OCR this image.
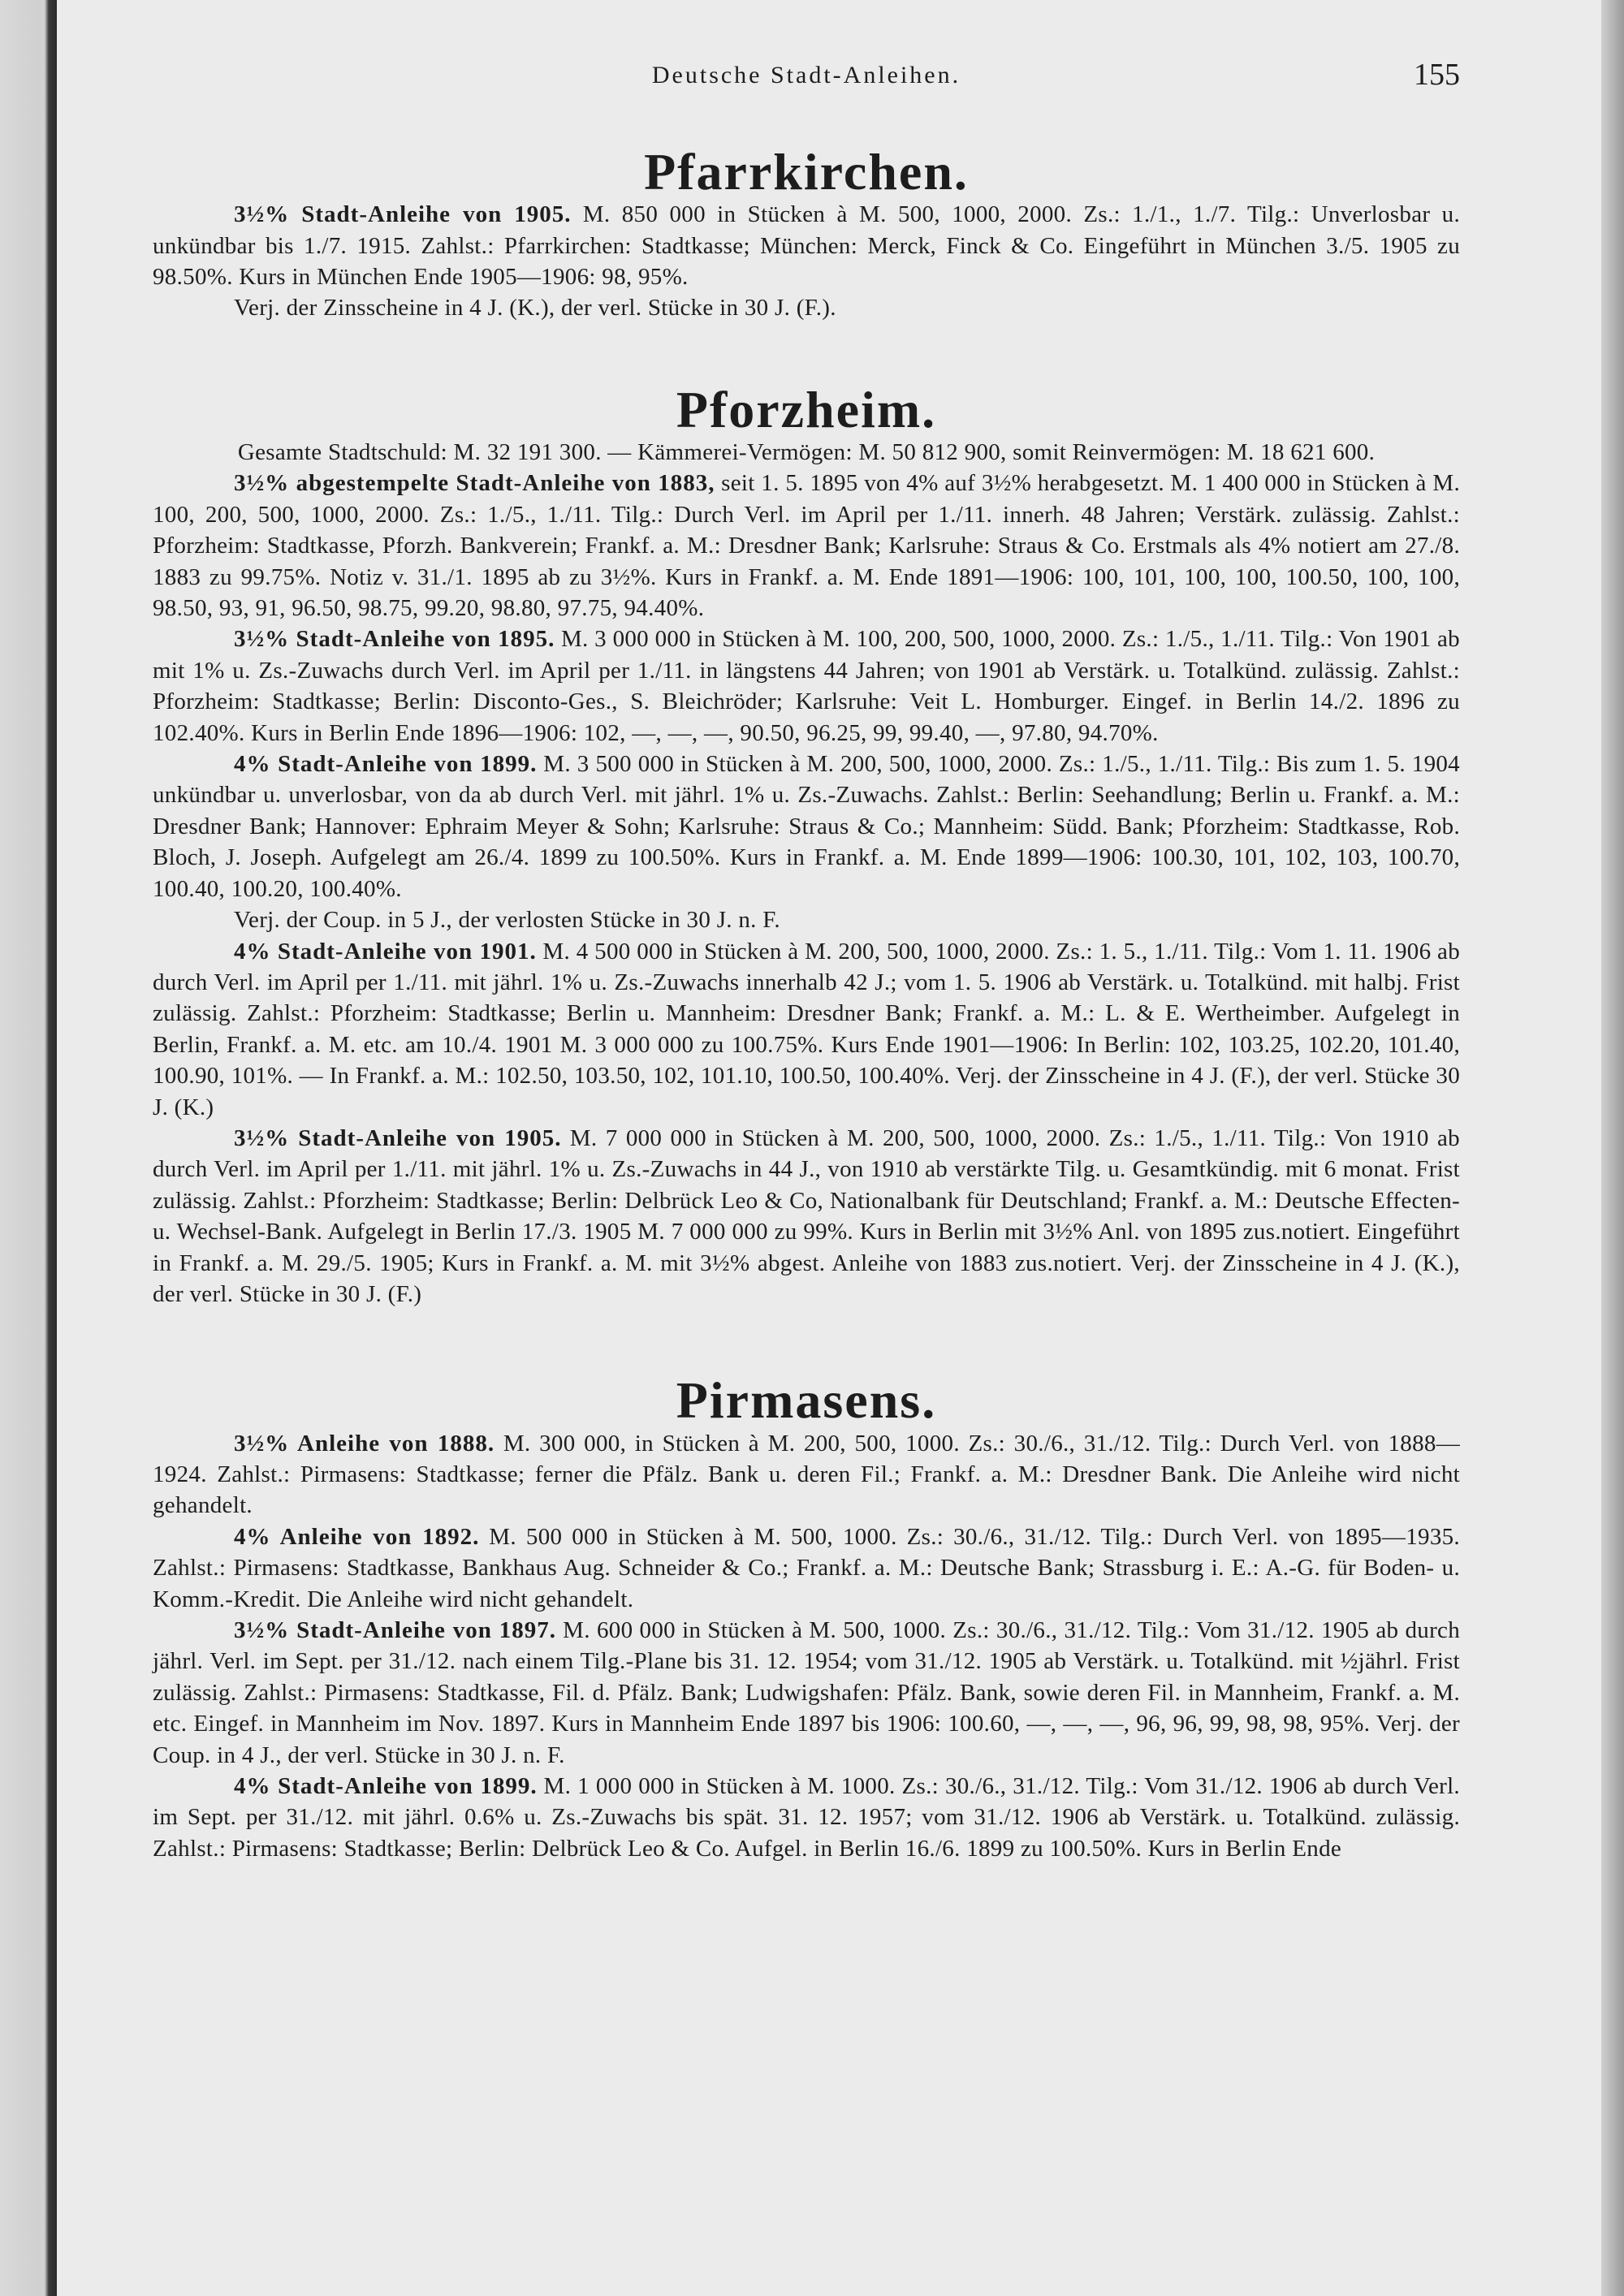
Deutsche Stadt-Anleihen.	155
Pfarrkirchen.

3½% Stadt-Anleihe von 1905. M. 850 000 in Stücken à M. 500, 1000, 2000. Zs.: 1./1., 1./7. Tilg.: Unverlosbar u. unkündbar bis 1./7. 1915. Zahlst.: Pfarrkirchen: Stadtkasse; München: Merck, Finck & Co. Eingeführt in München 3./5. 1905 zu 98.50%. Kurs in München Ende 1905—1906: 98, 95%.

Verj. der Zinsscheine in 4 J. (K.), der verl. Stücke in 30 J. (F.).

Pforzheim.

Gesamte Stadtschuld: M. 32 191 300. — Kämmerei-Vermögen: M. 50 812 900, somit Reinvermögen: M. 18 621 600.

3½% abgestempelte Stadt-Anleihe von 1883, seit 1. 5. 1895 von 4% auf 3½% herabgesetzt. M. 1 400 000 in Stücken à M. 100, 200, 500, 1000, 2000. Zs.: 1./5., 1./11. Tilg.: Durch Verl. im April per 1./11. innerh. 48 Jahren; Verstärk. zulässig. Zahlst.: Pforzheim: Stadtkasse, Pforzh. Bankverein; Frankf. a. M.: Dresdner Bank; Karlsruhe: Straus & Co. Erstmals als 4% notiert am 27./8. 1883 zu 99.75%. Notiz v. 31./1. 1895 ab zu 3½%. Kurs in Frankf. a. M. Ende 1891—1906: 100, 101, 100, 100, 100.50, 100, 100, 98.50, 93, 91, 96.50, 98.75, 99.20, 98.80, 97.75, 94.40%.

3½% Stadt-Anleihe von 1895. M. 3 000 000 in Stücken à M. 100, 200, 500, 1000, 2000. Zs.: 1./5., 1./11. Tilg.: Von 1901 ab mit 1% u. Zs.-Zuwachs durch Verl. im April per 1./11. in längstens 44 Jahren; von 1901 ab Verstärk. u. Totalkünd. zulässig. Zahlst.: Pforzheim: Stadtkasse; Berlin: Disconto-Ges., S. Bleichröder; Karlsruhe: Veit L. Homburger. Eingef. in Berlin 14./2. 1896 zu 102.40%. Kurs in Berlin Ende 1896—1906: 102, —, —, —, 90.50, 96.25, 99, 99.40, —, 97.80, 94.70%.

4% Stadt-Anleihe von 1899. M. 3 500 000 in Stücken à M. 200, 500, 1000, 2000. Zs.: 1./5., 1./11. Tilg.: Bis zum 1. 5. 1904 unkündbar u. unverlosbar, von da ab durch Verl. mit jährl. 1% u. Zs.-Zuwachs. Zahlst.: Berlin: Seehandlung; Berlin u. Frankf. a. M.: Dresdner Bank; Hannover: Ephraim Meyer & Sohn; Karlsruhe: Straus & Co.; Mannheim: Südd. Bank; Pforzheim: Stadtkasse, Rob. Bloch, J. Joseph. Aufgelegt am 26./4. 1899 zu 100.50%. Kurs in Frankf. a. M. Ende 1899—1906: 100.30, 101, 102, 103, 100.70, 100.40, 100.20, 100.40%.

Verj. der Coup. in 5 J., der verlosten Stücke in 30 J. n. F.

4% Stadt-Anleihe von 1901. M. 4 500 000 in Stücken à M. 200, 500, 1000, 2000. Zs.: 1. 5., 1./11. Tilg.: Vom 1. 11. 1906 ab durch Verl. im April per 1./11. mit jährl. 1% u. Zs.-Zuwachs innerhalb 42 J.; vom 1. 5. 1906 ab Verstärk. u. Totalkünd. mit halbj. Frist zulässig. Zahlst.: Pforzheim: Stadtkasse; Berlin u. Mannheim: Dresdner Bank; Frankf. a. M.: L. & E. Wertheimber. Aufgelegt in Berlin, Frankf. a. M. etc. am 10./4. 1901 M. 3 000 000 zu 100.75%. Kurs Ende 1901—1906: In Berlin: 102, 103.25, 102.20, 101.40, 100.90, 101%. — In Frankf. a. M.: 102.50, 103.50, 102, 101.10, 100.50, 100.40%. Verj. der Zinsscheine in 4 J. (F.), der verl. Stücke 30 J. (K.)

3½% Stadt-Anleihe von 1905. M. 7 000 000 in Stücken à M. 200, 500, 1000, 2000. Zs.: 1./5., 1./11. Tilg.: Von 1910 ab durch Verl. im April per 1./11. mit jährl. 1% u. Zs.-Zuwachs in 44 J., von 1910 ab verstärkte Tilg. u. Gesamtkündig. mit 6 monat. Frist zulässig. Zahlst.: Pforzheim: Stadtkasse; Berlin: Delbrück Leo & Co, Nationalbank für Deutschland; Frankf. a. M.: Deutsche Effecten- u. Wechsel-Bank. Aufgelegt in Berlin 17./3. 1905 M. 7 000 000 zu 99%. Kurs in Berlin mit 3½% Anl. von 1895 zus.notiert. Eingeführt in Frankf. a. M. 29./5. 1905; Kurs in Frankf. a. M. mit 3½% abgest. Anleihe von 1883 zus.notiert. Verj. der Zinsscheine in 4 J. (K.), der verl. Stücke in 30 J. (F.)

Pirmasens.

3½% Anleihe von 1888. M. 300 000, in Stücken à M. 200, 500, 1000. Zs.: 30./6., 31./12. Tilg.: Durch Verl. von 1888—1924. Zahlst.: Pirmasens: Stadtkasse; ferner die Pfälz. Bank u. deren Fil.; Frankf. a. M.: Dresdner Bank. Die Anleihe wird nicht gehandelt.

4% Anleihe von 1892. M. 500 000 in Stücken à M. 500, 1000. Zs.: 30./6., 31./12. Tilg.: Durch Verl. von 1895—1935. Zahlst.: Pirmasens: Stadtkasse, Bankhaus Aug. Schneider & Co.; Frankf. a. M.: Deutsche Bank; Strassburg i. E.: A.-G. für Boden- u. Komm.-Kredit. Die Anleihe wird nicht gehandelt.

3½% Stadt-Anleihe von 1897. M. 600 000 in Stücken à M. 500, 1000. Zs.: 30./6., 31./12. Tilg.: Vom 31./12. 1905 ab durch jährl. Verl. im Sept. per 31./12. nach einem Tilg.-Plane bis 31. 12. 1954; vom 31./12. 1905 ab Verstärk. u. Totalkünd. mit ½jährl. Frist zulässig. Zahlst.: Pirmasens: Stadtkasse, Fil. d. Pfälz. Bank; Ludwigshafen: Pfälz. Bank, sowie deren Fil. in Mannheim, Frankf. a. M. etc. Eingef. in Mannheim im Nov. 1897. Kurs in Mannheim Ende 1897 bis 1906: 100.60, —, —, —, 96, 96, 99, 98, 98, 95%. Verj. der Coup. in 4 J., der verl. Stücke in 30 J. n. F.

4% Stadt-Anleihe von 1899. M. 1 000 000 in Stücken à M. 1000. Zs.: 30./6., 31./12. Tilg.: Vom 31./12. 1906 ab durch Verl. im Sept. per 31./12. mit jährl. 0.6% u. Zs.-Zuwachs bis spät. 31. 12. 1957; vom 31./12. 1906 ab Verstärk. u. Totalkünd. zulässig. Zahlst.: Pirmasens: Stadtkasse; Berlin: Delbrück Leo & Co. Aufgel. in Berlin 16./6. 1899 zu 100.50%. Kurs in Berlin Ende
